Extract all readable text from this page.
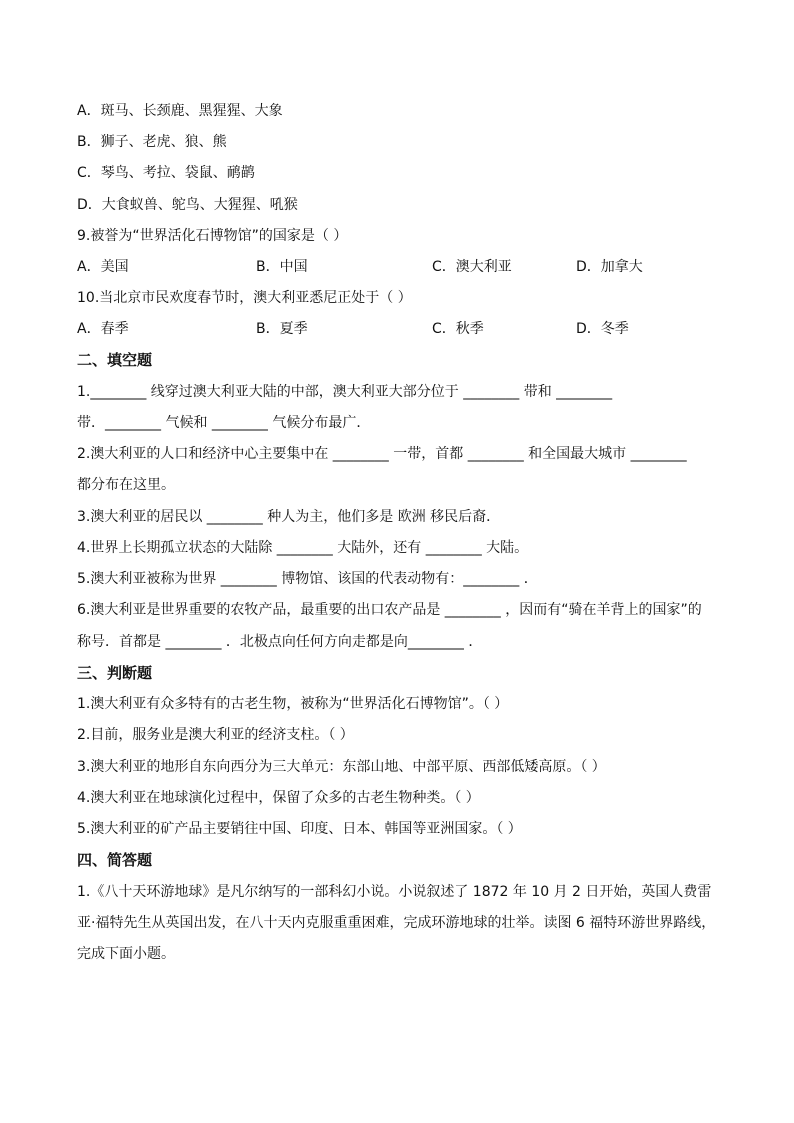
A．斑马、长颈鹿、黑猩猩、大象
B．狮子、老虎、狼、熊
C．琴鸟、考拉、袋鼠、鸸鹋
D．大食蚁兽、鸵鸟、大猩猩、吼猴
9.被誉为“世界活化石博物馆”的国家是（ ）
A．美国	B．中国	C．澳大利亚	D．加拿大
10.当北京市民欢度春节时，澳大利亚悉尼正处于（ ）
A．春季	B．夏季	C．秋季	D．冬季
二、填空题
1.________ 线穿过澳大利亚大陆的中部，澳大利亚大部分位于 ________ 带和 ________
带．________ 气候和 ________ 气候分布最广．
2.澳大利亚的人口和经济中心主要集中在 ________ 一带，首都 ________ 和全国最大城市 ________
都分布在这里。
3.澳大利亚的居民以 ________ 种人为主，他们多是 欧洲 移民后裔．
4.世界上长期孤立状态的大陆除 ________ 大陆外，还有 ________ 大陆。
5.澳大利亚被称为世界 ________ 博物馆、该国的代表动物有：________ ．
6.澳大利亚是世界重要的农牧产品，最重要的出口农产品是 ________ ，因而有“骑在羊背上的国家”的
称号．首都是 ________ ．北极点向任何方向走都是向________ ．
三、判断题
1.澳大利亚有众多特有的古老生物，被称为“世界活化石博物馆”。（ ）
2.目前，服务业是澳大利亚的经济支柱。（ ）
3.澳大利亚的地形自东向西分为三大单元：东部山地、中部平原、西部低矮高原。（ ）
4.澳大利亚在地球演化过程中，保留了众多的古老生物种类。（ ）
5.澳大利亚的矿产品主要销往中国、印度、日本、韩国等亚洲国家。（ ）
四、简答题
1.《八十天环游地球》是凡尔纳写的一部科幻小说。小说叙述了 1872 年 10 月 2 日开始，英国人费雷
亚·福特先生从英国出发，在八十天内克服重重困难，完成环游地球的壮举。读图 6 福特环游世界路线，
完成下面小题。
